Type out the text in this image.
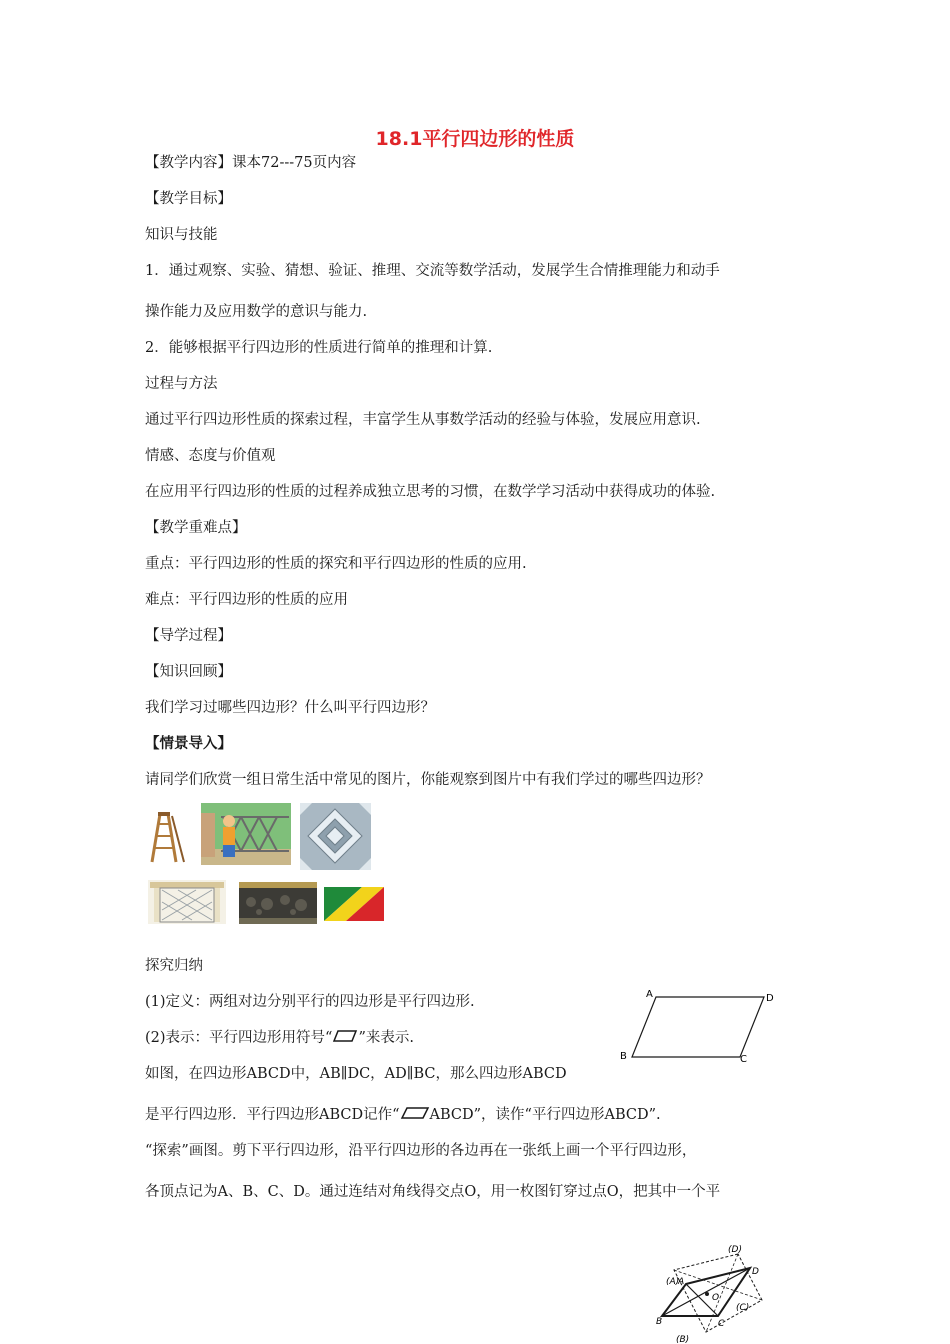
18.1平行四边形的性质
【教学内容】课本72---75页内容
【教学目标】
知识与技能
1．通过观察、实验、猜想、验证、推理、交流等数学活动，发展学生合情推理能力和动手
操作能力及应用数学的意识与能力.
2．能够根据平行四边形的性质进行简单的推理和计算.
过程与方法
通过平行四边形性质的探索过程，丰富学生从事数学活动的经验与体验，发展应用意识.
情感、态度与价值观
在应用平行四边形的性质的过程养成独立思考的习惯，在数学学习活动中获得成功的体验.
【教学重难点】
重点：平行四边形的性质的探究和平行四边形的性质的应用.
难点：平行四边形的性质的应用
【导学过程】
【知识回顾】
我们学习过哪些四边形？什么叫平行四边形？
【情景导入】
请同学们欣赏一组日常生活中常见的图片，你能观察到图片中有我们学过的哪些四边形？
探究归纳
(1)定义：两组对边分别平行的四边形是平行四边形.
(2)表示：平行四边形用符号“ ”来表示.
如图，在四边形ABCD中，AB∥DC，AD∥BC，那么四边形ABCD
是平行四边形．平行四边形ABCD记作“ ABCD”，读作“平行四边形ABCD”.
“探索”画图。剪下平行四边形，沿平行四边形的各边再在一张纸上画一个平行四边形，
各顶点记为A、B、C、D。通过连结对角线得交点O，用一枚图钉穿过点O，把其中一个平
A	D
B	C
(D)
(A)
(C)
(B)
D
A
B	C
O
